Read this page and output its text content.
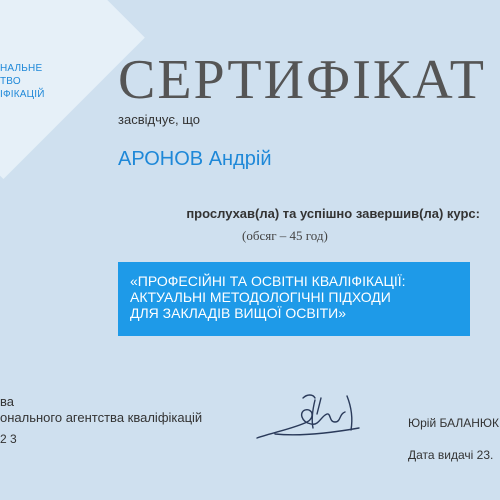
НАЛЬНЕ
ТВО
ІФІКАЦІЙ СЕРТИФІКАТ
засвідчує, що
АРОНОВ Андрій
прослухав(ла) та успішно завершив(ла) курс:
(обсяг – 45 год)
«ПРОФЕСІЙНІ ТА ОСВІТНІ КВАЛІФІКАЦІЇ:
АКТУАЛЬНІ МЕТОДОЛОГІЧНІ ПІДХОДИ
ДЛЯ ЗАКЛАДІВ ВИЩОЇ ОСВІТИ»
ва
онального агентства кваліфікацій
2 3
Юрій БАЛАНЮК
Дата видачі 23.
